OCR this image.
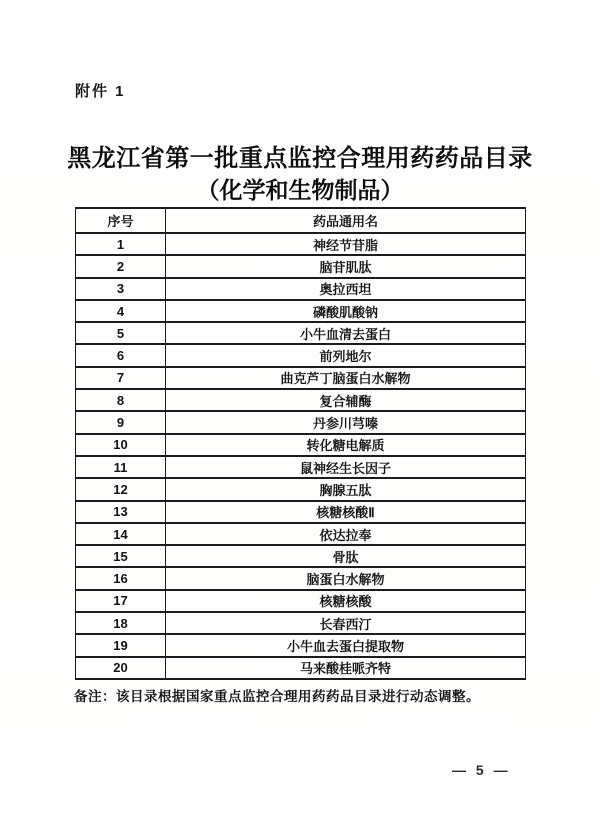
附件 1
黑龙江省第一批重点监控合理用药药品目录
（化学和生物制品）
序号	药品通用名
1	神经节苷脂
2	脑苷肌肽
3	奥拉西坦
4	磷酸肌酸钠
5	小牛血清去蛋白
6	前列地尔
7	曲克芦丁脑蛋白水解物
8	复合辅酶
9	丹参川芎嗪
10	转化糖电解质
11	鼠神经生长因子
12	胸腺五肽
13	核糖核酸Ⅱ
14	依达拉奉
15	骨肽
16	脑蛋白水解物
17	核糖核酸
18	长春西汀
19	小牛血去蛋白提取物
20	马来酸桂哌齐特
备注：该目录根据国家重点监控合理用药药品目录进行动态调整。
— 5 —
